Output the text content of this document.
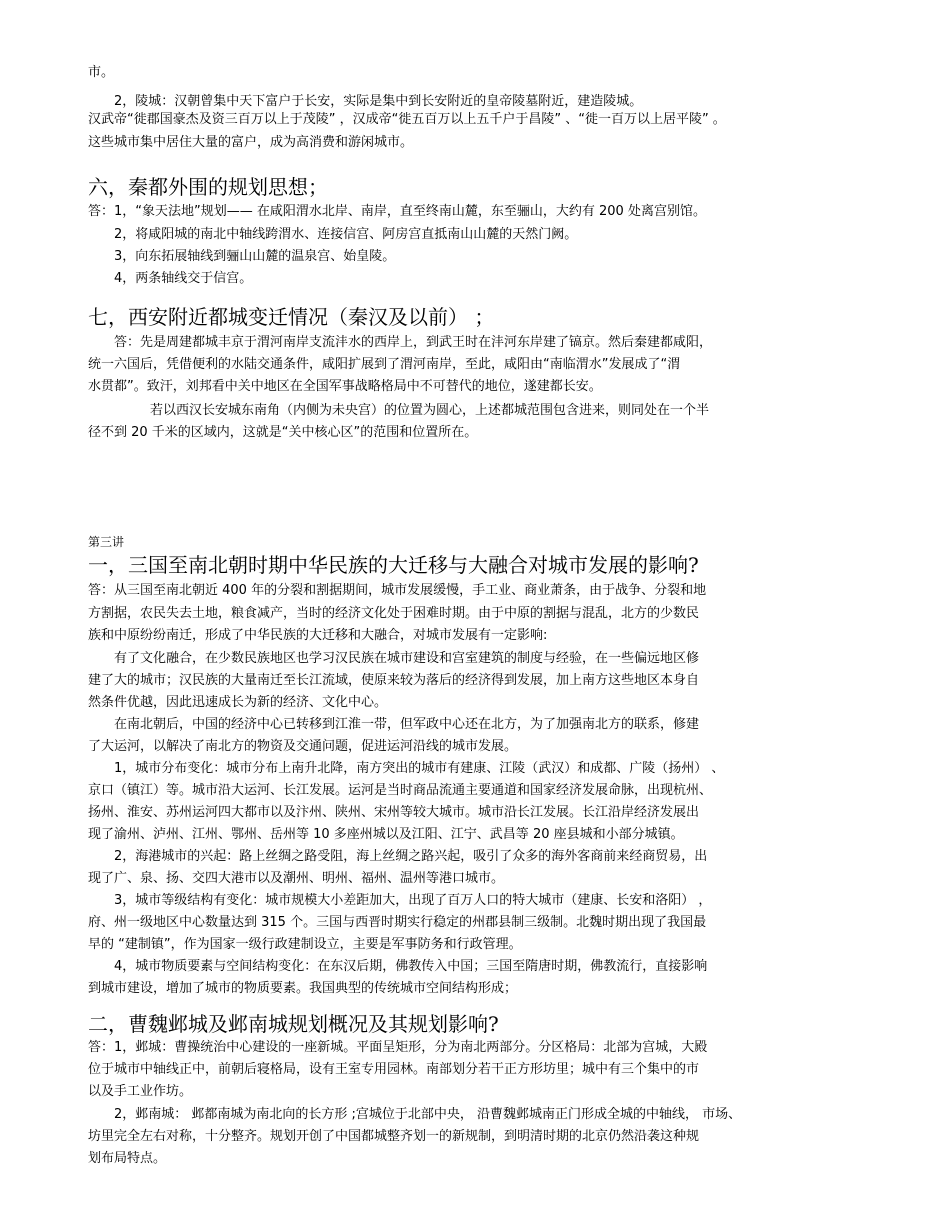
市。
2，陵城：汉朝曾集中天下富户于长安，实际是集中到长安附近的皇帝陵墓附近，建造陵城。
汉武帝“徙郡国豪杰及资三百万以上于茂陵” ，汉成帝“徙五百万以上五千户于昌陵” 、“徙一百万以上居平陵” 。
这些城市集中居住大量的富户，成为高消费和游闲城市。
六，秦都外围的规划思想；
答：1，“象天法地”规划—— 在咸阳渭水北岸、南岸，直至终南山麓，东至骊山，大约有 200 处离宫别馆。
2，将咸阳城的南北中轴线跨渭水、连接信宫、阿房宫直抵南山山麓的天然门阙。
3，向东拓展轴线到骊山山麓的温泉宫、始皇陵。
4，两条轴线交于信宫。
七，西安附近都城变迁情况（秦汉及以前） ；
答：先是周建都城丰京于渭河南岸支流沣水的西岸上，到武王时在沣河东岸建了镐京。然后秦建都咸阳，
统一六国后，凭借便利的水陆交通条件，咸阳扩展到了渭河南岸，至此，咸阳由“南临渭水”发展成了“渭
水贯都”。致汗，刘邦看中关中地区在全国军事战略格局中不可替代的地位，遂建都长安。
若以西汉长安城东南角（内侧为未央宫）的位置为圆心，上述都城范围包含进来，则同处在一个半
径不到 20 千米的区域内，这就是“关中核心区”的范围和位置所在。
第三讲
一，三国至南北朝时期中华民族的大迁移与大融合对城市发展的影响?
答：从三国至南北朝近 400 年的分裂和割据期间，城市发展缓慢，手工业、商业萧条，由于战争、分裂和地
方割据，农民失去土地，粮食减产，当时的经济文化处于困难时期。由于中原的割据与混乱，北方的少数民
族和中原纷纷南迁，形成了中华民族的大迁移和大融合，对城市发展有一定影响:
有了文化融合，在少数民族地区也学习汉民族在城市建设和宫室建筑的制度与经验，在一些偏远地区修
建了大的城市；汉民族的大量南迁至长江流域，使原来较为落后的经济得到发展，加上南方这些地区本身自
然条件优越，因此迅速成长为新的经济、文化中心。
在南北朝后，中国的经济中心已转移到江淮一带，但军政中心还在北方，为了加强南北方的联系，修建
了大运河，以解决了南北方的物资及交通问题，促进运河沿线的城市发展。
1，城市分布变化：城市分布上南升北降，南方突出的城市有建康、江陵（武汉）和成都、广陵（扬州） 、
京口（镇江）等。城市沿大运河、长江发展。运河是当时商品流通主要通道和国家经济发展命脉，出现杭州、
扬州、淮安、苏州运河四大都市以及汴州、陕州、宋州等较大城市。城市沿长江发展。长江沿岸经济发展出
现了渝州、泸州、江州、鄂州、岳州等 10 多座州城以及江阳、江宁、武昌等 20 座县城和小部分城镇。
2，海港城市的兴起：路上丝绸之路受阻，海上丝绸之路兴起，吸引了众多的海外客商前来经商贸易，出
现了广、泉、扬、交四大港市以及潮州、明州、福州、温州等港口城市。
3，城市等级结构有变化：城市规模大小差距加大，出现了百万人口的特大城市（建康、长安和洛阳） ，
府、州一级地区中心数量达到 315 个。三国与西晋时期实行稳定的州郡县制三级制。北魏时期出现了我国最
早的 “建制镇”，作为国家一级行政建制设立，主要是军事防务和行政管理。
4，城市物质要素与空间结构变化：在东汉后期，佛教传入中国；三国至隋唐时期，佛教流行，直接影响
到城市建设，增加了城市的物质要素。我国典型的传统城市空间结构形成；
二，曹魏邺城及邺南城规划概况及其规划影响?
答：1，邺城：曹操统治中心建设的一座新城。平面呈矩形，分为南北两部分。分区格局：北部为宫城，大殿
位于城市中轴线正中，前朝后寝格局，设有王室专用园林。南部划分若干正方形坊里；城中有三个集中的市
以及手工业作坊。
2，邺南城： 邺都南城为南北向的长方形 ;宫城位于北部中央， 沿曹魏邺城南正门形成全城的中轴线， 市场、
坊里完全左右对称，十分整齐。规划开创了中国都城整齐划一的新规制，到明清时期的北京仍然沿袭这种规
划布局特点。
